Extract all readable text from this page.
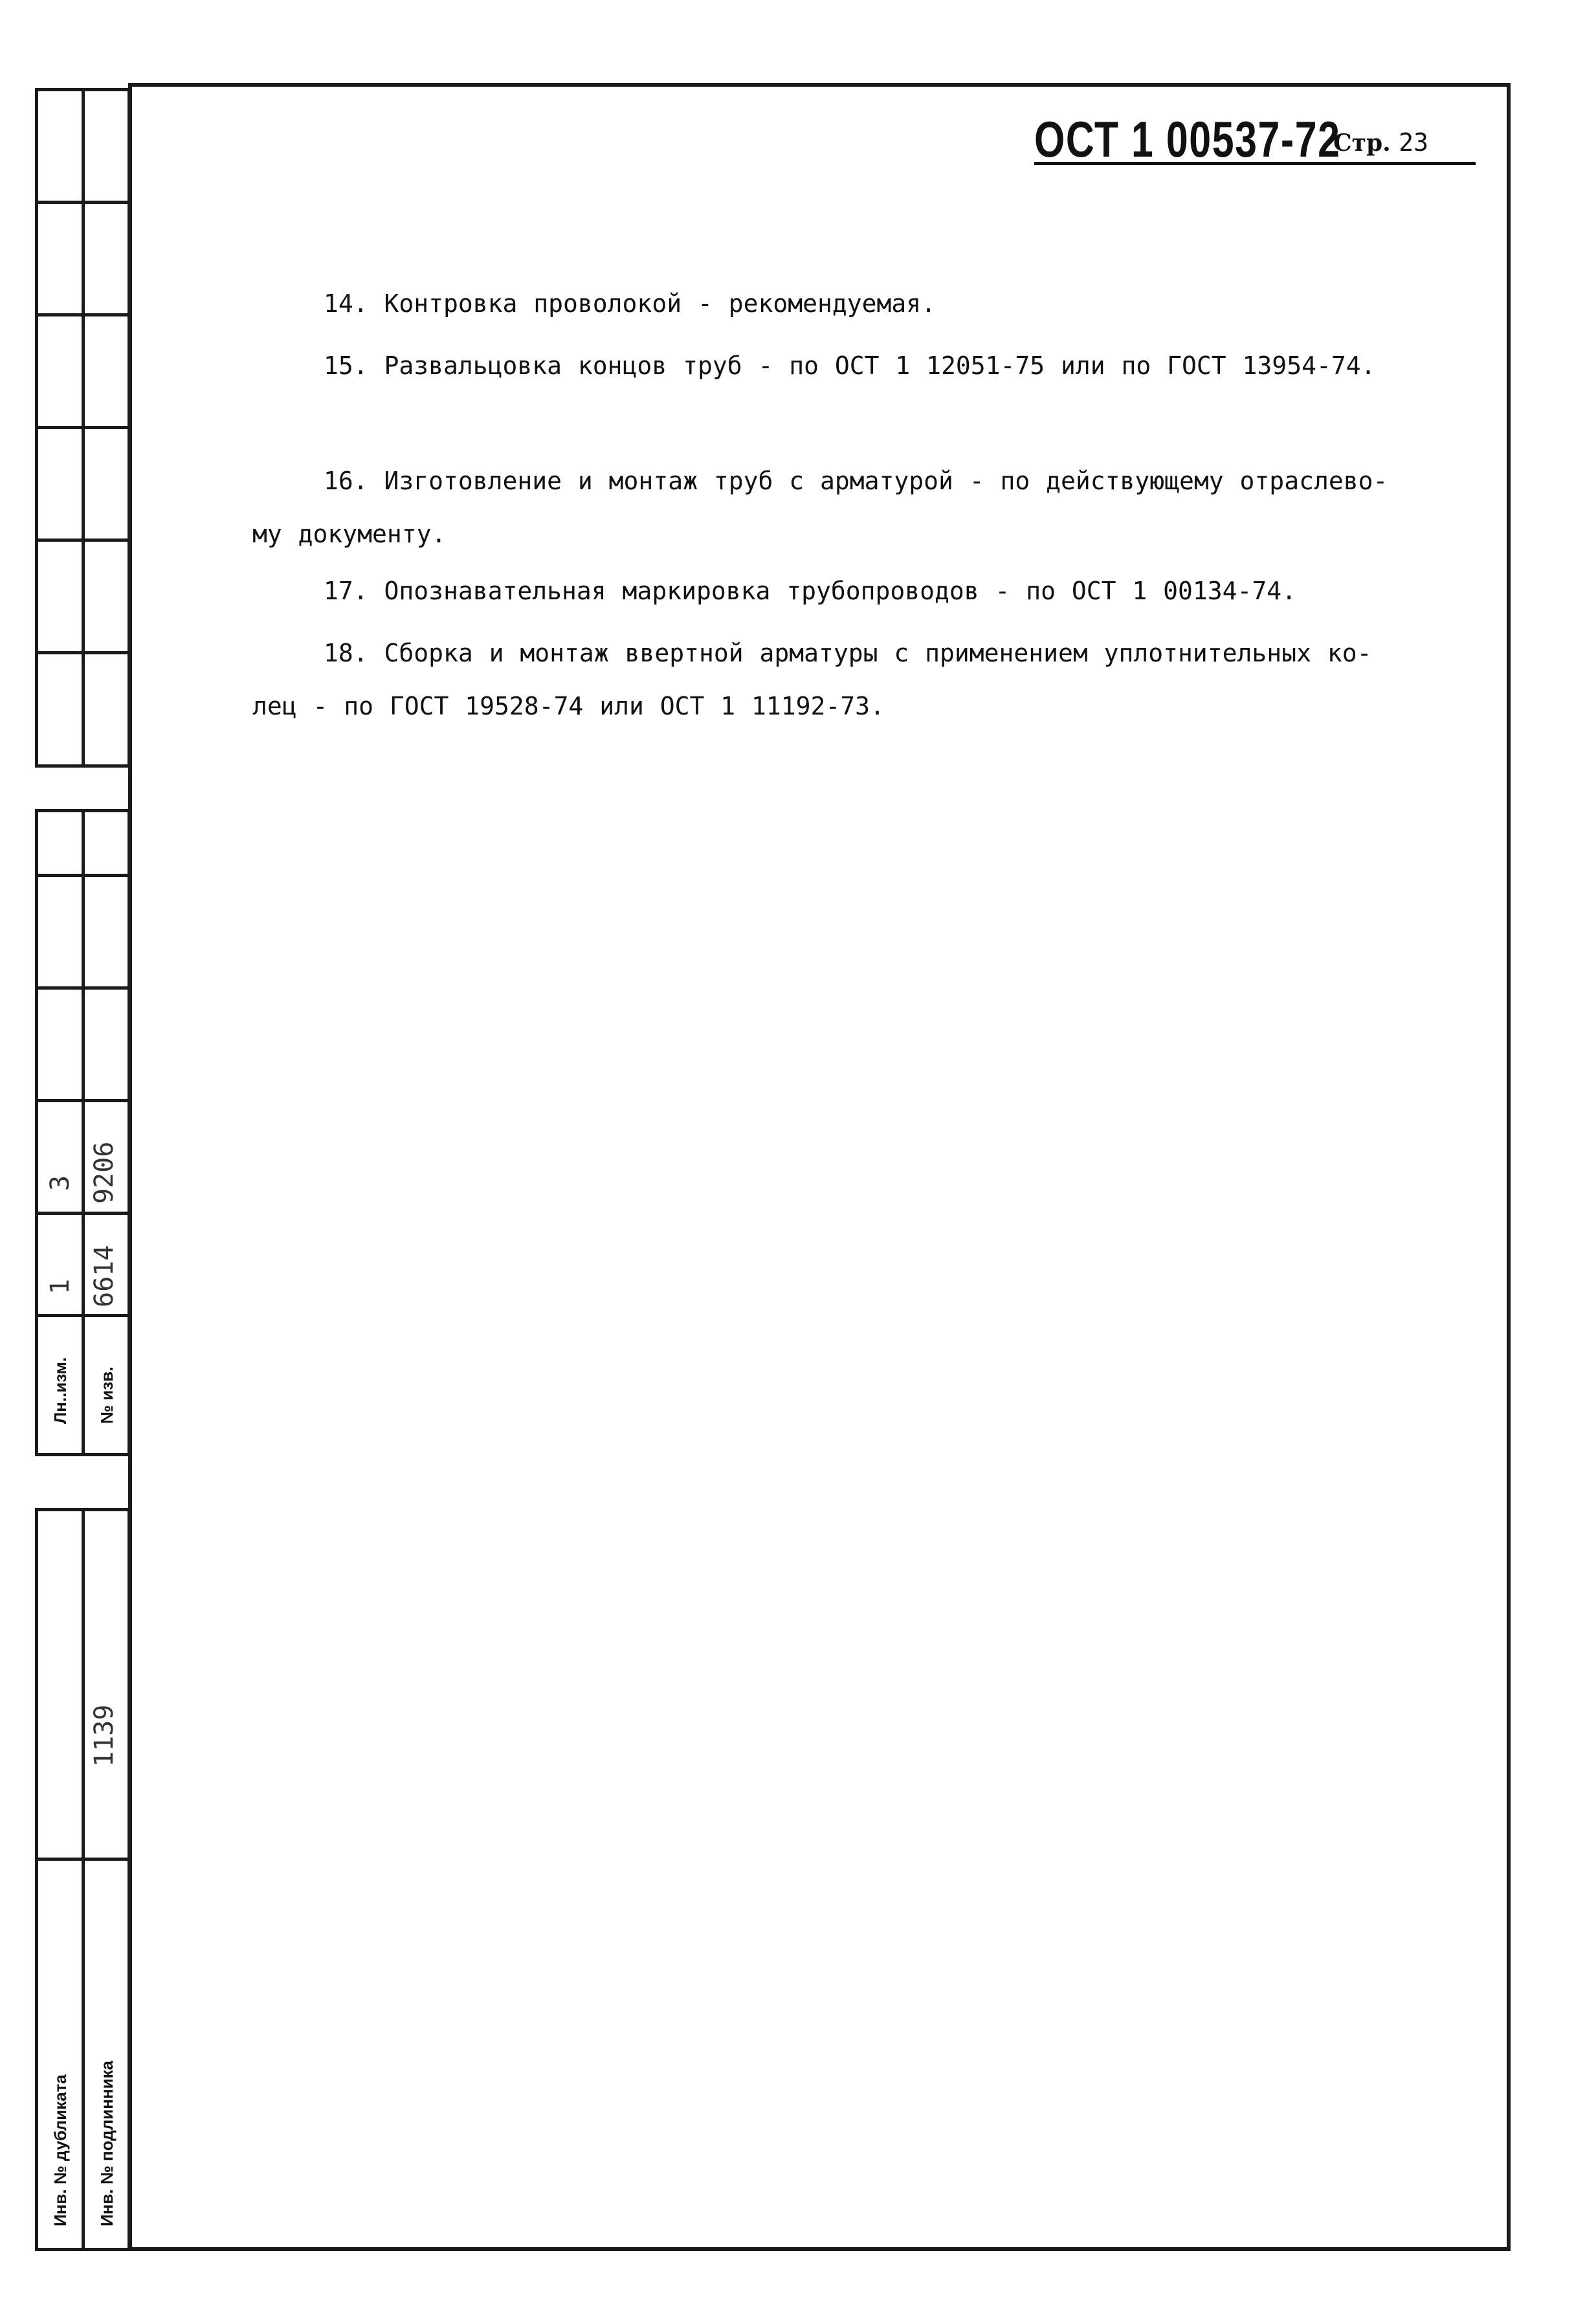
3 9206
1 6614
Лн..изм. № изв.
1139
Инв. № дубликата Инв. № подлинника
ОСТ 1 00537-72
Стр. 23
14. Контровка проволокой - рекомендуемая.
15. Развальцовка концов труб - по ОСТ 1 12051-75 или по ГОСТ 13954-74.
16. Изготовление и монтаж труб с арматурой - по действующему отраслево-му документу.
17. Опознавательная маркировка трубопроводов - по ОСТ 1 00134-74.
18. Сборка и монтаж ввертной арматуры с применением уплотнительных ко-лец - по ГОСТ 19528-74 или ОСТ 1 11192-73.
